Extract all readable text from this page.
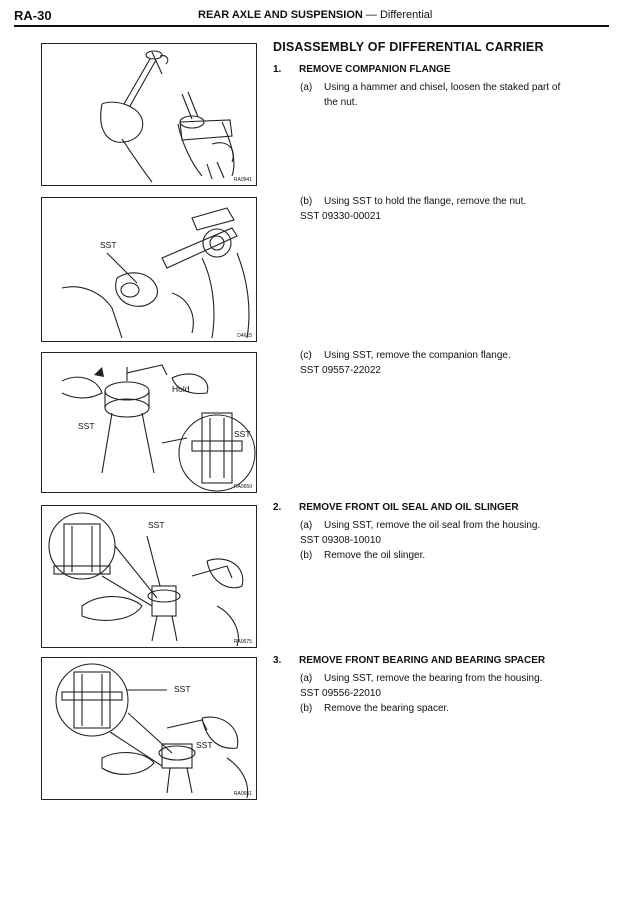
RA-30	REAR AXLE AND SUSPENSION — Differential
RA0941
SST
D4615
Hold
SST
SST
RA0650
SST
RA0075
SST
SST
RA0651
DISASSEMBLY OF DIFFERENTIAL CARRIER
1. REMOVE COMPANION FLANGE
(a) Using a hammer and chisel, loosen the staked part of
the nut.
(b) Using SST to hold the flange, remove the nut.
SST 09330-00021
(c) Using SST, remove the companion flange.
SST 09557-22022
2. REMOVE FRONT OIL SEAL AND OIL SLINGER
(a) Using SST, remove the oil seal from the housing.
SST 09308-10010
(b) Remove the oil slinger.
3. REMOVE FRONT BEARING AND BEARING SPACER
(a) Using SST, remove the bearing from the housing.
SST 09556-22010
(b) Remove the bearing spacer.
